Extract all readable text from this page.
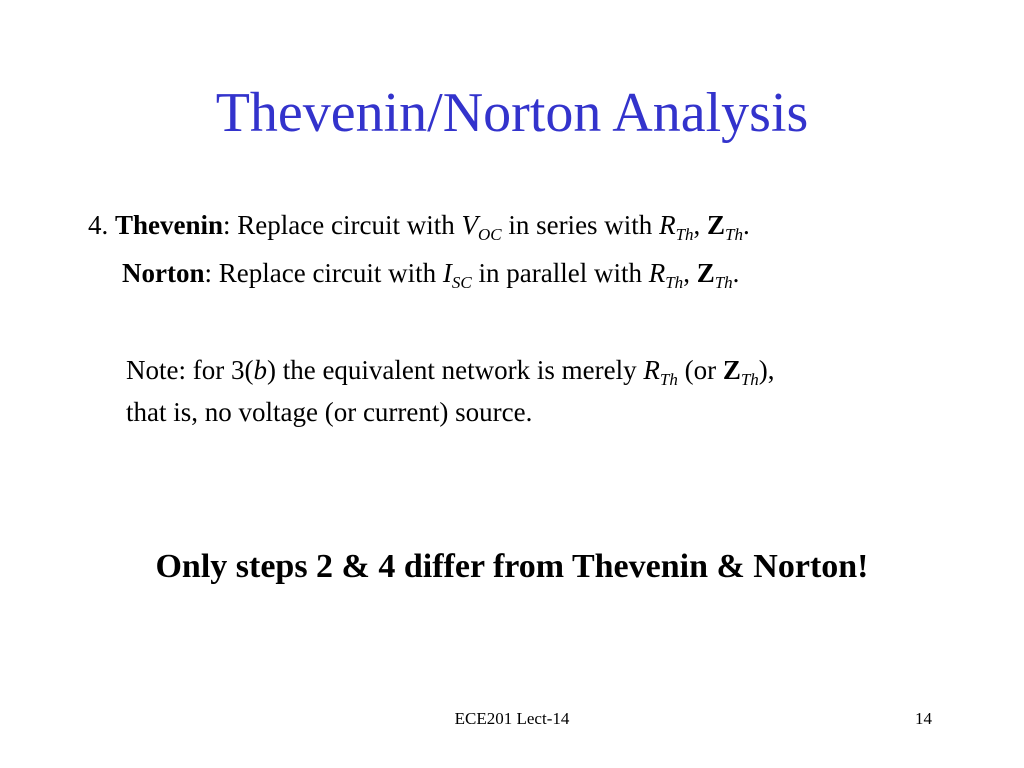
Thevenin/Norton Analysis
4. Thevenin: Replace circuit with $V_{OC}$ in series with $R_{Th}$, $Z_{Th}$.
Norton: Replace circuit with $I_{SC}$ in parallel with $R_{Th}$, $Z_{Th}$.
Note: for 3(b) the equivalent network is merely $R_{Th}$ (or $Z_{Th}$),
that is, no voltage (or current) source.
Only steps 2 & 4 differ from Thevenin & Norton!
ECE201 Lect-14	14
